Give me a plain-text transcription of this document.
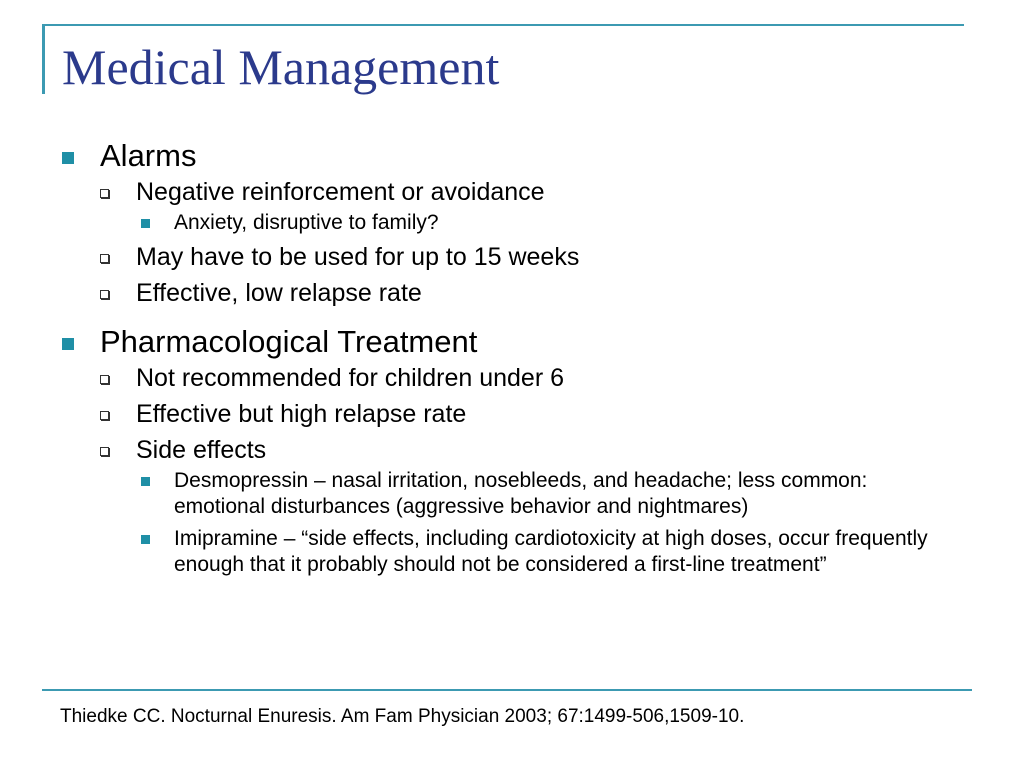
Medical Management
Alarms
Negative reinforcement or avoidance
Anxiety, disruptive to family?
May have to be used for up to 15 weeks
Effective, low relapse rate
Pharmacological Treatment
Not recommended for children under 6
Effective but high relapse rate
Side effects
Desmopressin – nasal irritation, nosebleeds, and headache; less common: emotional disturbances (aggressive behavior and nightmares)
Imipramine – “side effects, including cardiotoxicity at high doses, occur frequently enough that it probably should not be considered a first-line treatment”

Thiedke CC. Nocturnal Enuresis. Am Fam Physician 2003; 67:1499-506,1509-10.
